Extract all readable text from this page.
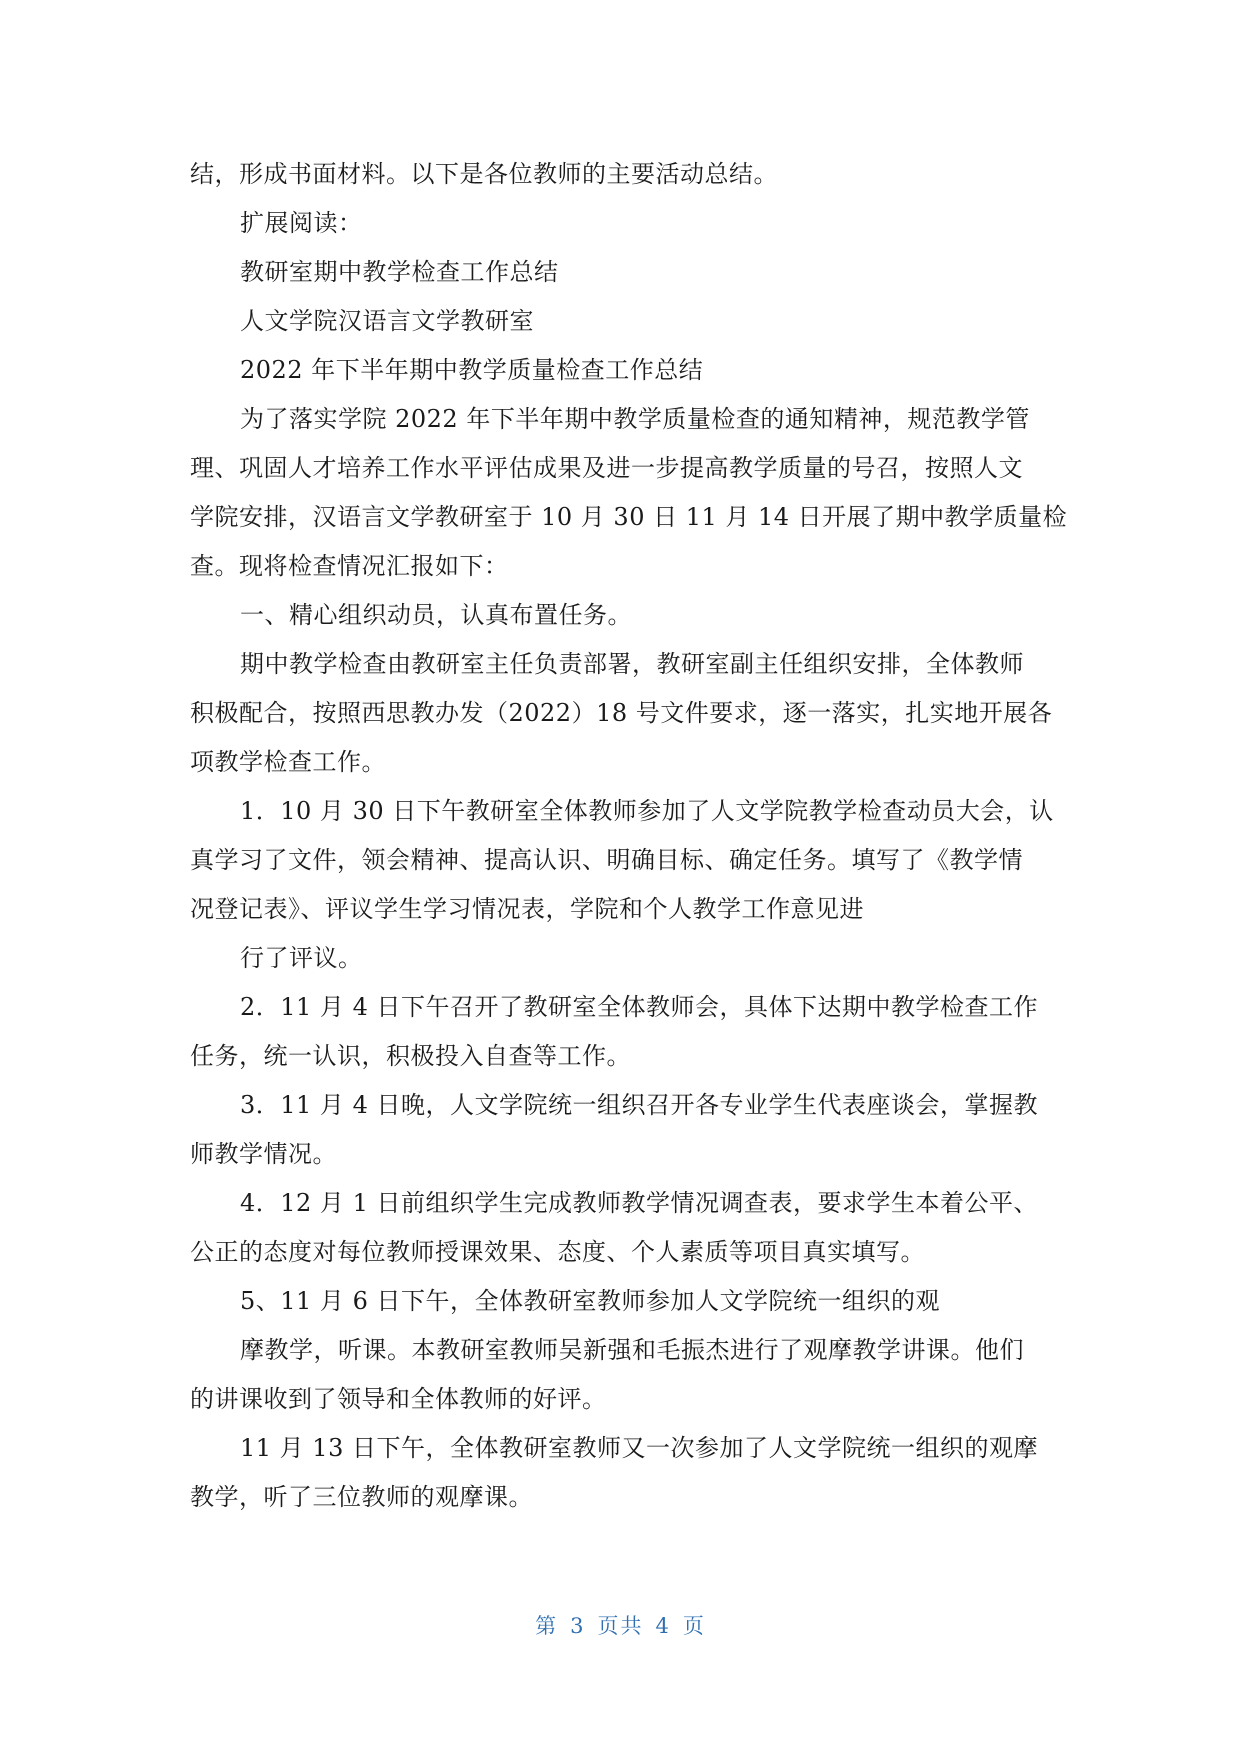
结，形成书面材料。以下是各位教师的主要活动总结。
扩展阅读：
教研室期中教学检查工作总结
人文学院汉语言文学教研室
2022 年下半年期中教学质量检查工作总结
为了落实学院 2022 年下半年期中教学质量检查的通知精神，规范教学管
理、巩固人才培养工作水平评估成果及进一步提高教学质量的号召，按照人文
学院安排，汉语言文学教研室于 10 月 30 日 11 月 14 日开展了期中教学质量检
查。现将检查情况汇报如下：
一、精心组织动员，认真布置任务。
期中教学检查由教研室主任负责部署，教研室副主任组织安排，全体教师
积极配合，按照西思教办发（2022）18 号文件要求，逐一落实，扎实地开展各
项教学检查工作。
1．10 月 30 日下午教研室全体教师参加了人文学院教学检查动员大会，认
真学习了文件，领会精神、提高认识、明确目标、确定任务。填写了《教学情
况登记表》、评议学生学习情况表，学院和个人教学工作意见进
行了评议。
2．11 月 4 日下午召开了教研室全体教师会，具体下达期中教学检查工作
任务，统一认识，积极投入自查等工作。
3．11 月 4 日晚，人文学院统一组织召开各专业学生代表座谈会，掌握教
师教学情况。
4．12 月 1 日前组织学生完成教师教学情况调查表，要求学生本着公平、
公正的态度对每位教师授课效果、态度、个人素质等项目真实填写。
5、11 月 6 日下午，全体教研室教师参加人文学院统一组织的观
摩教学，听课。本教研室教师吴新强和毛振杰进行了观摩教学讲课。他们
的讲课收到了领导和全体教师的好评。
11 月 13 日下午，全体教研室教师又一次参加了人文学院统一组织的观摩
教学，听了三位教师的观摩课。
第 3 页共 4 页
